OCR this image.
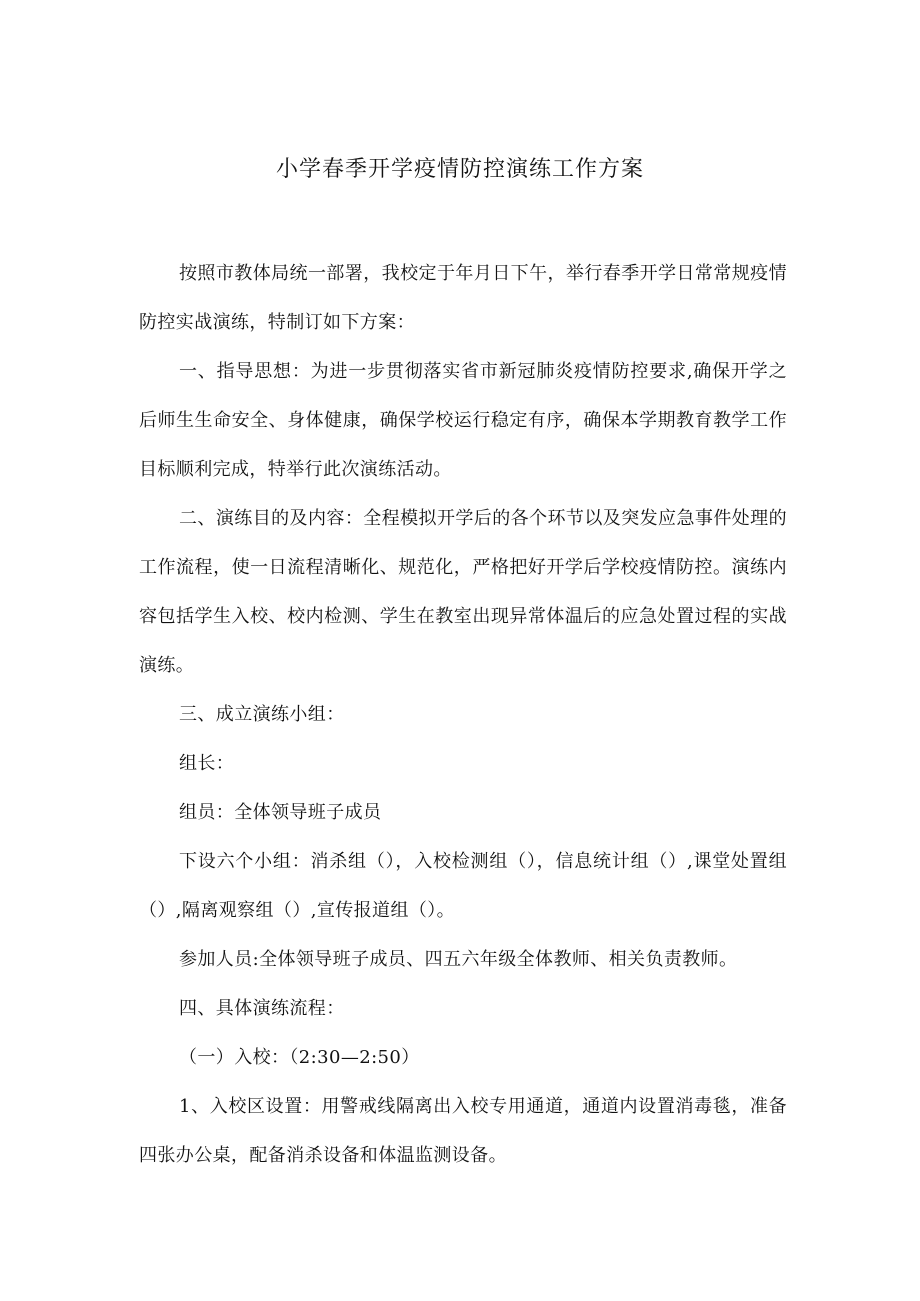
小学春季开学疫情防控演练工作方案

按照市教体局统一部署，我校定于年月日下午，举行春季开学日常常规疫情防控实战演练，特制订如下方案：

一、指导思想：为进一步贯彻落实省市新冠肺炎疫情防控要求,确保开学之后师生生命安全、身体健康，确保学校运行稳定有序，确保本学期教育教学工作目标顺利完成，特举行此次演练活动。

二、演练目的及内容：全程模拟开学后的各个环节以及突发应急事件处理的工作流程，使一日流程清晰化、规范化，严格把好开学后学校疫情防控。演练内容包括学生入校、校内检测、学生在教室出现异常体温后的应急处置过程的实战演练。

三、成立演练小组：

组长：

组员：全体领导班子成员

下设六个小组：消杀组（），入校检测组（），信息统计组（）,课堂处置组（）,隔离观察组（）,宣传报道组（）。

参加人员:全体领导班子成员、四五六年级全体教师、相关负责教师。

四、具体演练流程：

（一）入校：（2:30—2:50）

1、入校区设置：用警戒线隔离出入校专用通道，通道内设置消毒毯，准备四张办公桌，配备消杀设备和体温监测设备。
